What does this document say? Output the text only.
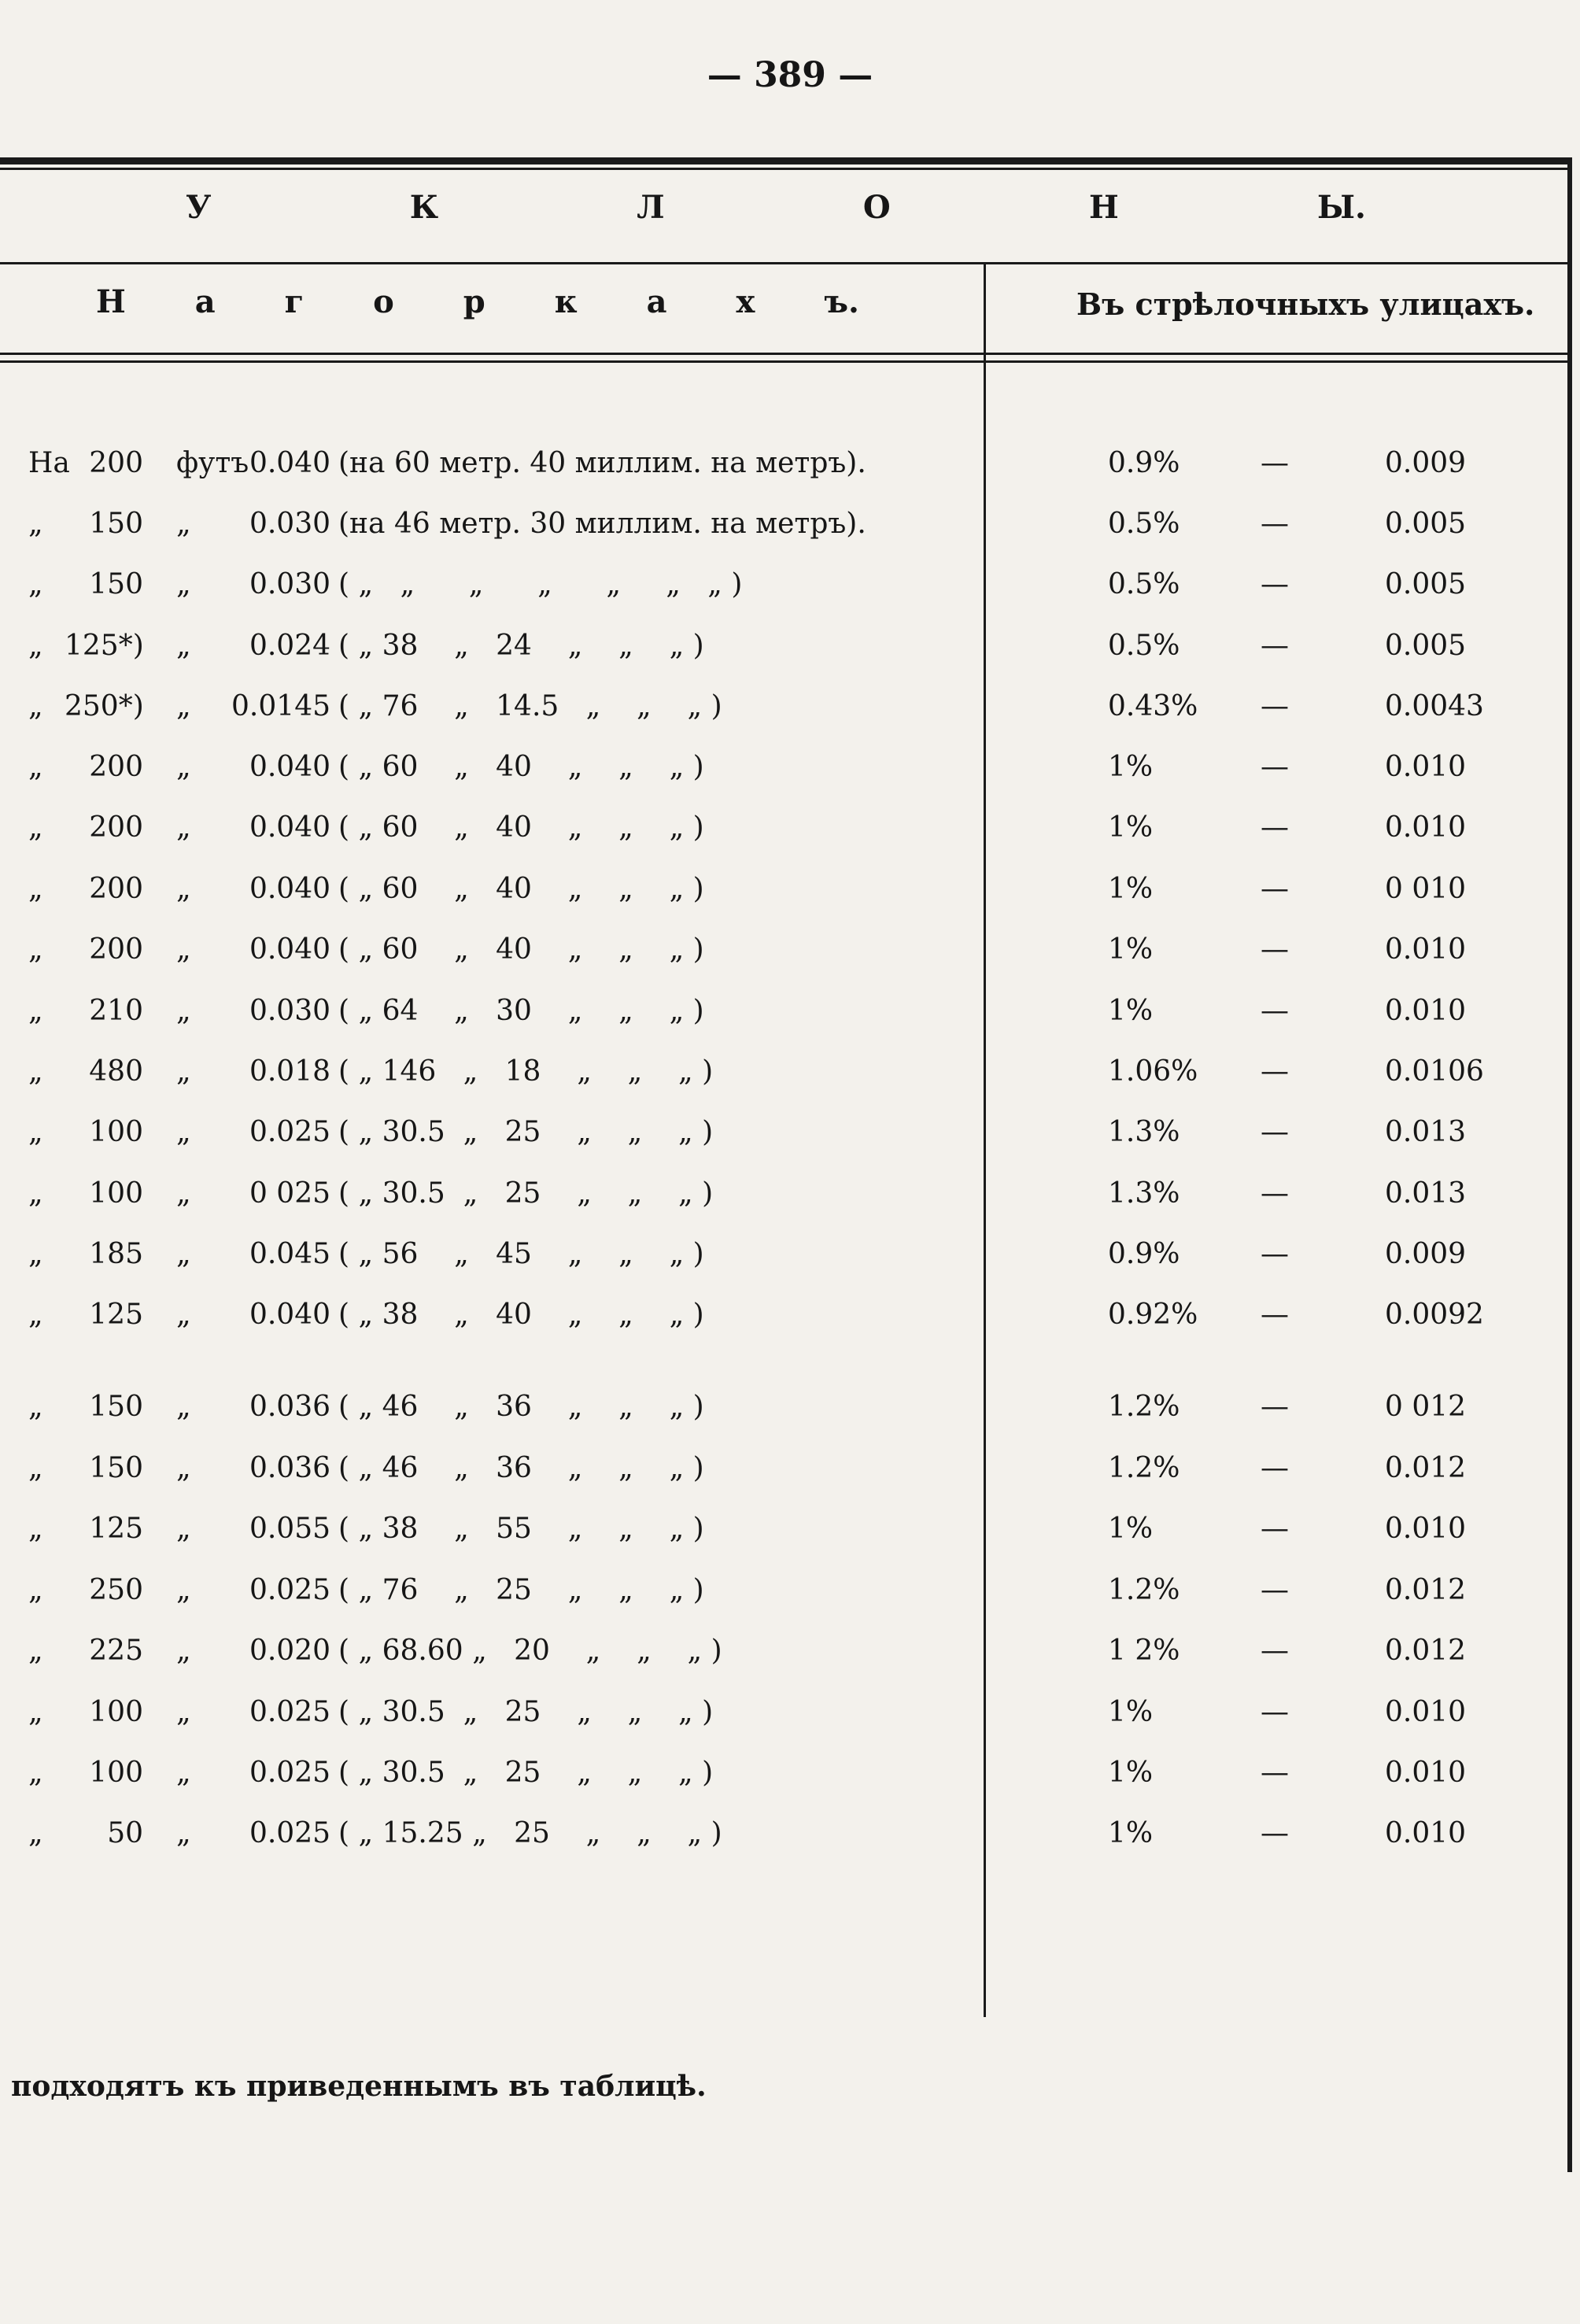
— 389 —
У	К	Л	О	Н	Ы.
Н а г о р к а х ъ.	Въ стрѣлочныхъ улицахъ.
На 200 футъ 0.040 (на 60 метр. 40 миллим. на метръ).	0.9%	—	0.009
„	150 „	0.030 (на 46 метр. 30 миллим. на метръ).	0.5%	—	0.005
„	150 „	0.030 ( „   „      „      „      „     „   „ )	0.5%	—	0.005
„ 125*) „	0.024 ( „ 38    „   24    „    „    „ )	0.5%	—	0.005
„ 250*) „	0.0145 ( „ 76    „   14.5   „    „    „ )	0.43% —	0.0043
„	200 „	0.040 ( „ 60    „   40    „    „    „ )	1%	—	0.010
„	200 „	0.040 ( „ 60    „   40    „    „    „ )	1%	—	0.010
„	200 „	0.040 ( „ 60    „   40    „    „    „ )	1%	—	0 010
„	200 „	0.040 ( „ 60    „   40    „    „    „ )	1%	—	0.010
„	210 „	0.030 ( „ 64    „   30    „    „    „ )	1%	—	0.010
„	480 „	0.018 ( „ 146   „   18    „    „    „ )	1.06% —	0.0106
„	100 „	0.025 ( „ 30.5  „   25    „    „    „ )	1.3%	—	0.013
„	100 „	0 025 ( „ 30.5  „   25    „    „    „ )	1.3%	—	0.013
„	185 „	0.045 ( „ 56    „   45    „    „    „ )	0.9%	—	0.009
„	125 „	0.040 ( „ 38    „   40    „    „    „ )	0.92% —	0.0092
„	150 „	0.036 ( „ 46    „   36    „    „    „ )	1.2%	—	0 012
„	150 „	0.036 ( „ 46    „   36    „    „    „ )	1.2%	—	0.012
„	125 „	0.055 ( „ 38    „   55    „    „    „ )	1%	—	0.010
„	250 „	0.025 ( „ 76    „   25    „    „    „ )	1.2%	—	0.012
„	225 „	0.020 ( „ 68.60 „   20    „    „    „ )	1 2%	—	0.012
„	100 „	0.025 ( „ 30.5  „   25    „    „    „ )	1%	—	0.010
„	100 „	0.025 ( „ 30.5  „   25    „    „    „ )	1%	—	0.010
„	50 „	0.025 ( „ 15.25 „   25    „    „    „ )	1%	—	0.010
подходятъ къ приведеннымъ въ таблицѣ.
